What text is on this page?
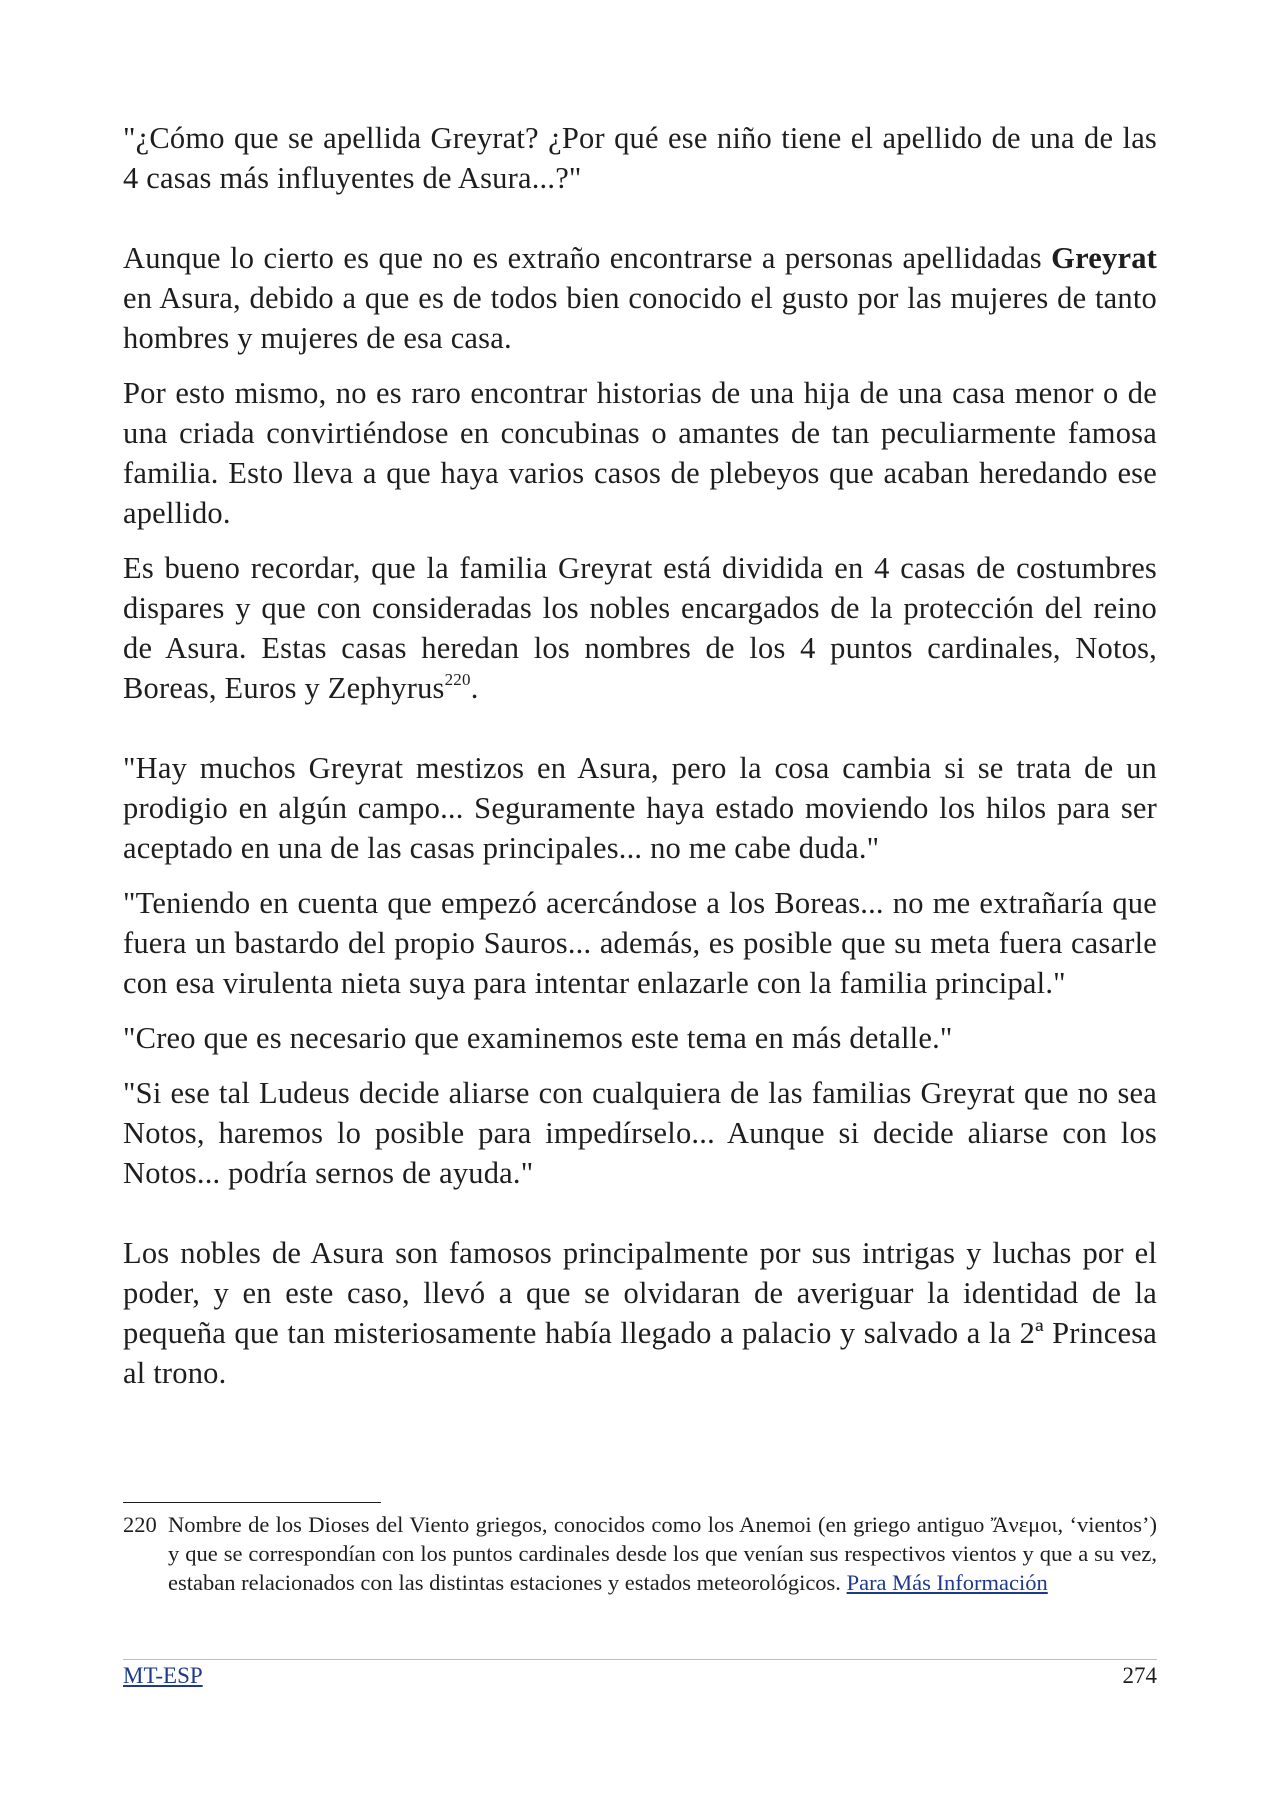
"¿Cómo que se apellida Greyrat? ¿Por qué ese niño tiene el apellido de una de las 4 casas más influyentes de Asura...?"

Aunque lo cierto es que no es extraño encontrarse a personas apellidadas Greyrat en Asura, debido a que es de todos bien conocido el gusto por las mujeres de tanto hombres y mujeres de esa casa.

Por esto mismo, no es raro encontrar historias de una hija de una casa menor o de una criada convirtiéndose en concubinas o amantes de tan peculiarmente famosa familia. Esto lleva a que haya varios casos de plebeyos que acaban heredando ese apellido.

Es bueno recordar, que la familia Greyrat está dividida en 4 casas de costumbres dispares y que con consideradas los nobles encargados de la protección del reino de Asura. Estas casas heredan los nombres de los 4 puntos cardinales, Notos, Boreas, Euros y Zephyrus$^{220}$.

"Hay muchos Greyrat mestizos en Asura, pero la cosa cambia si se trata de un prodigio en algún campo... Seguramente haya estado moviendo los hilos para ser aceptado en una de las casas principales... no me cabe duda."

"Teniendo en cuenta que empezó acercándose a los Boreas... no me extrañaría que fuera un bastardo del propio Sauros... además, es posible que su meta fuera casarle con esa virulenta nieta suya para intentar enlazarle con la familia principal."

"Creo que es necesario que examinemos este tema en más detalle."

"Si ese tal Ludeus decide aliarse con cualquiera de las familias Greyrat que no sea Notos, haremos lo posible para impedírselo... Aunque si decide aliarse con los Notos... podría sernos de ayuda."

Los nobles de Asura son famosos principalmente por sus intrigas y luchas por el poder, y en este caso, llevó a que se olvidaran de averiguar la identidad de la pequeña que tan misteriosamente había llegado a palacio y salvado a la 2ª Princesa al trono.

220 Nombre de los Dioses del Viento griegos, conocidos como los Anemoi (en griego antiguo Ἄνεμοι, ‘vientos’) y que se correspondían con los puntos cardinales desde los que venían sus respectivos vientos y que a su vez, estaban relacionados con las distintas estaciones y estados meteorológicos. Para Más Información
MT-ESP	274
